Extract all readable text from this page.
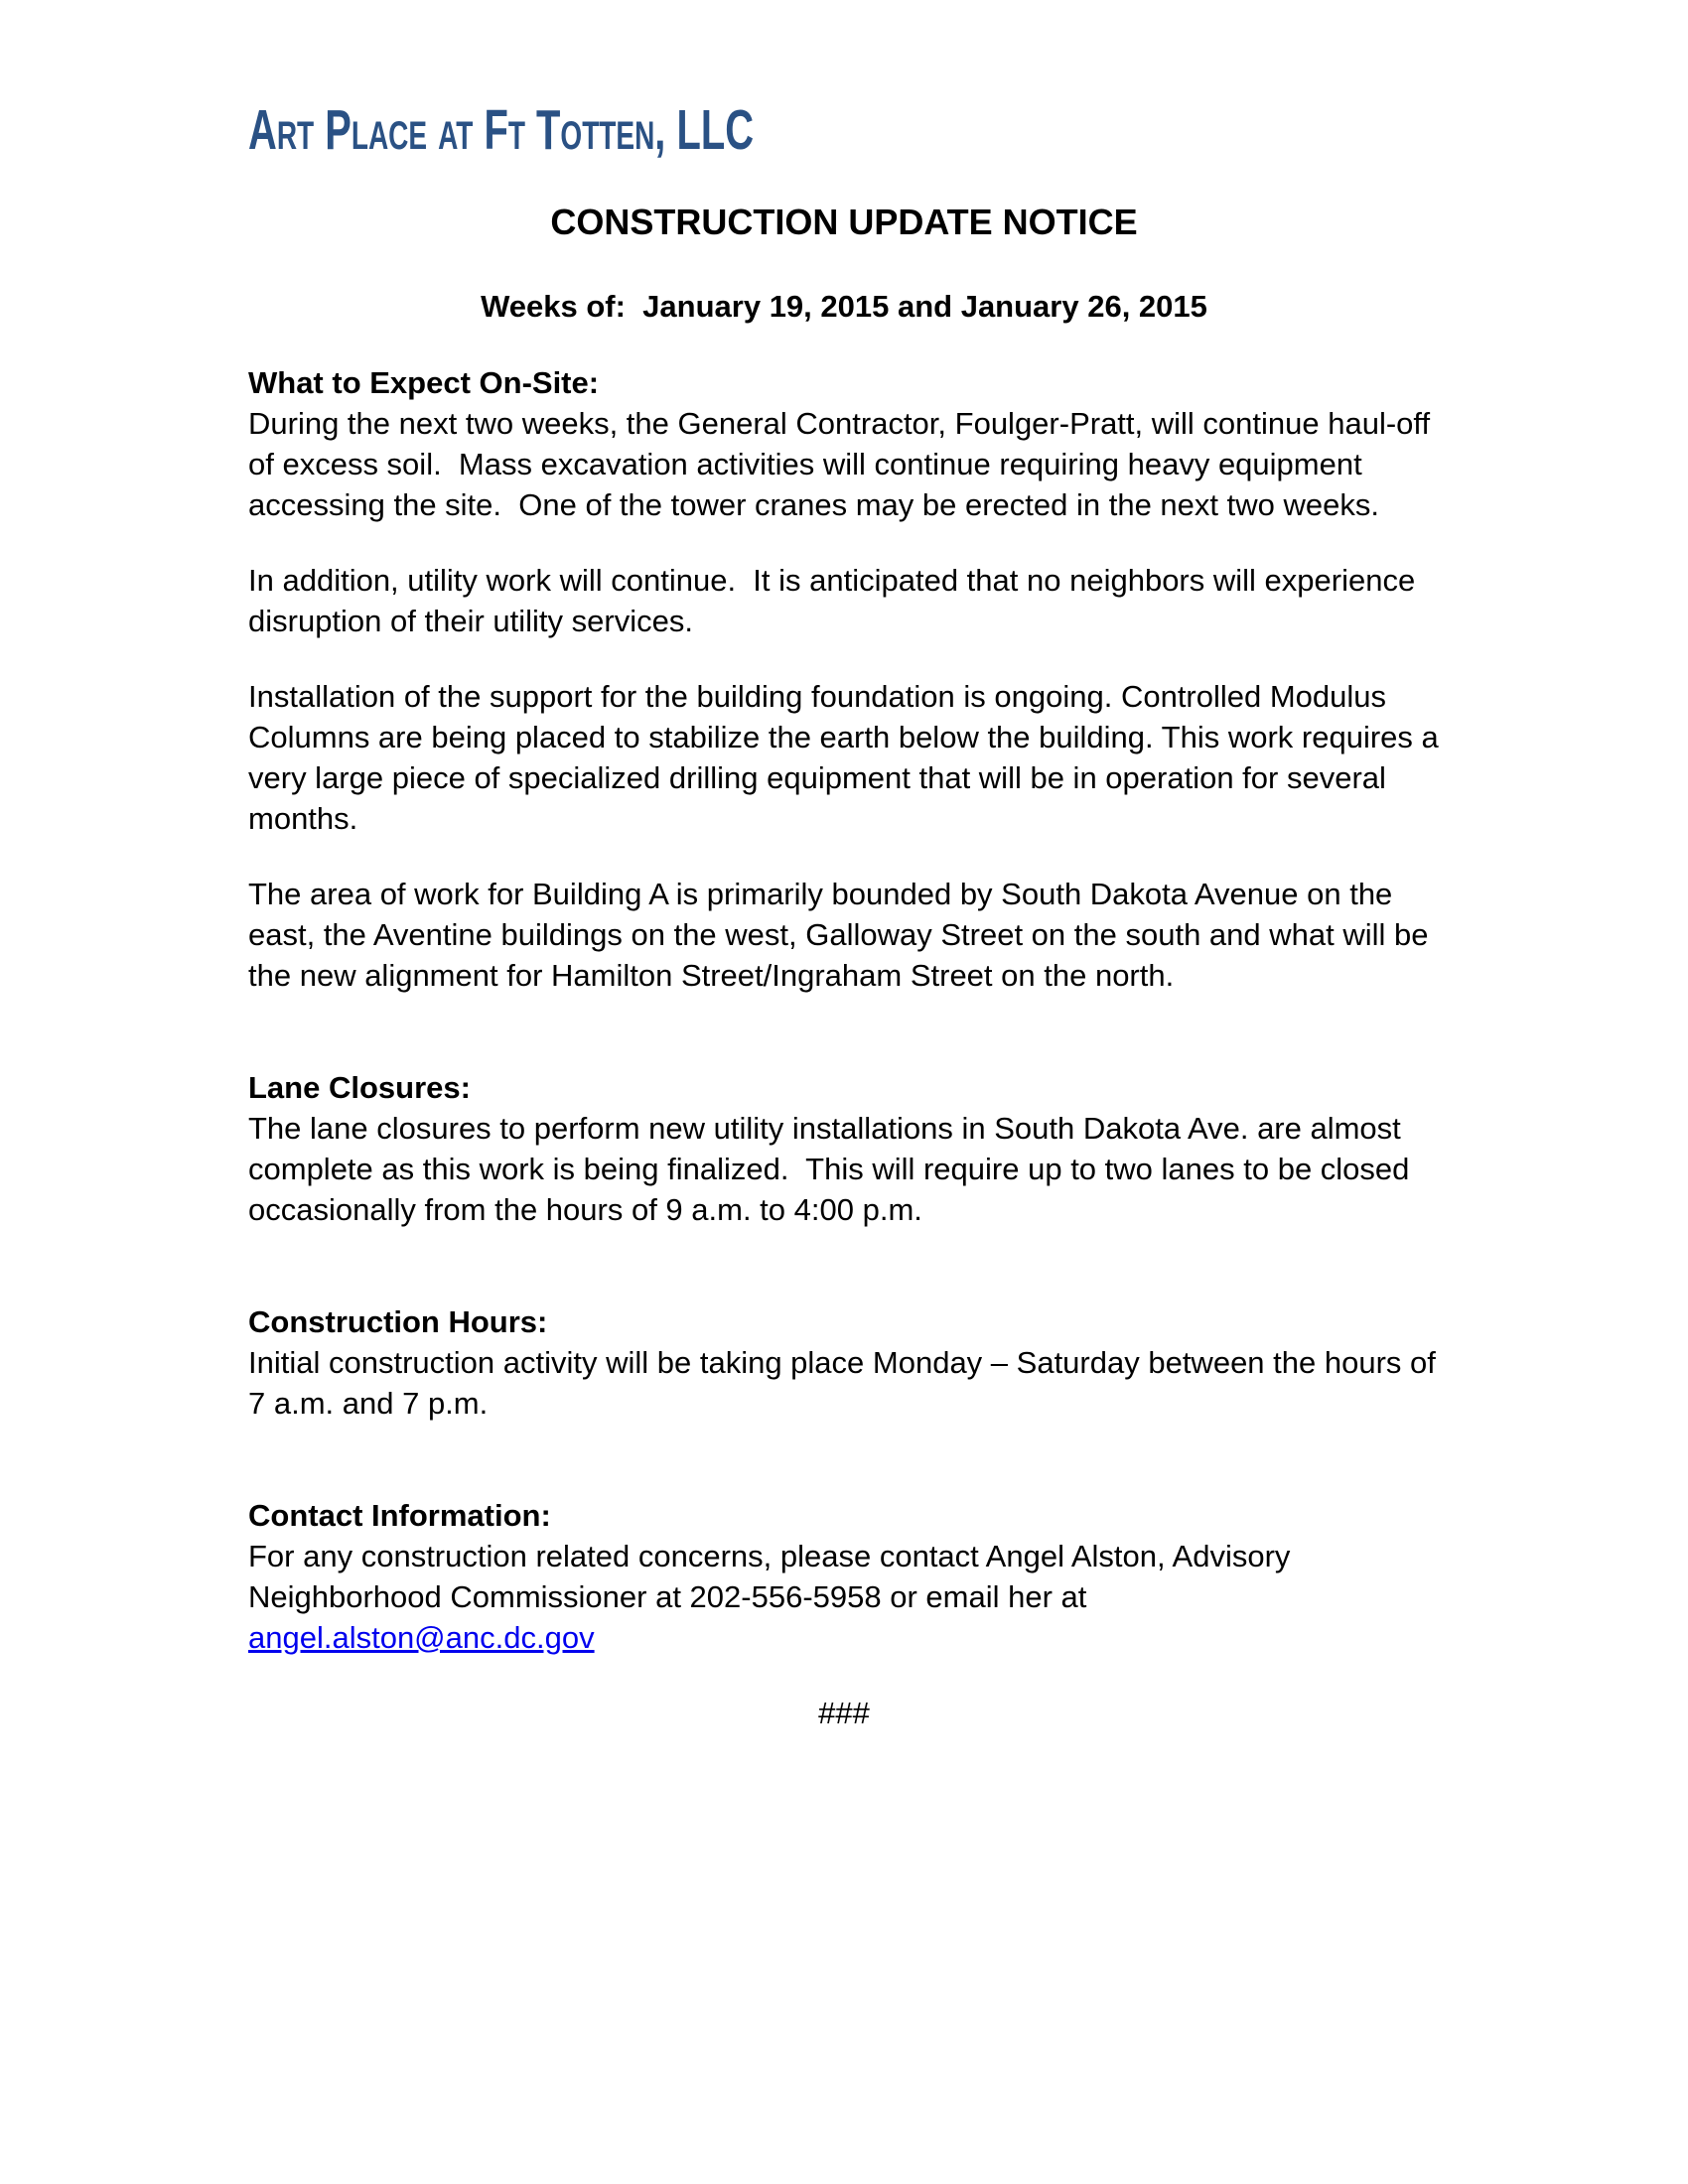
Art Place at Ft Totten, LLC
CONSTRUCTION UPDATE NOTICE
Weeks of:  January 19, 2015 and January 26, 2015
What to Expect On-Site:

During the next two weeks, the General Contractor, Foulger-Pratt, will continue haul-off of excess soil.  Mass excavation activities will continue requiring heavy equipment accessing the site.  One of the tower cranes may be erected in the next two weeks.

In addition, utility work will continue.  It is anticipated that no neighbors will experience disruption of their utility services.

Installation of the support for the building foundation is ongoing. Controlled Modulus Columns are being placed to stabilize the earth below the building. This work requires a very large piece of specialized drilling equipment that will be in operation for several months.

The area of work for Building A is primarily bounded by South Dakota Avenue on the east, the Aventine buildings on the west, Galloway Street on the south and what will be the new alignment for Hamilton Street/Ingraham Street on the north.

Lane Closures:

The lane closures to perform new utility installations in South Dakota Ave. are almost complete as this work is being finalized.  This will require up to two lanes to be closed occasionally from the hours of 9 a.m. to 4:00 p.m.

Construction Hours:

Initial construction activity will be taking place Monday – Saturday between the hours of 7 a.m. and 7 p.m.

Contact Information:

For any construction related concerns, please contact Angel Alston, Advisory Neighborhood Commissioner at 202-556-5958 or email her at

angel.alston@anc.dc.gov
###
